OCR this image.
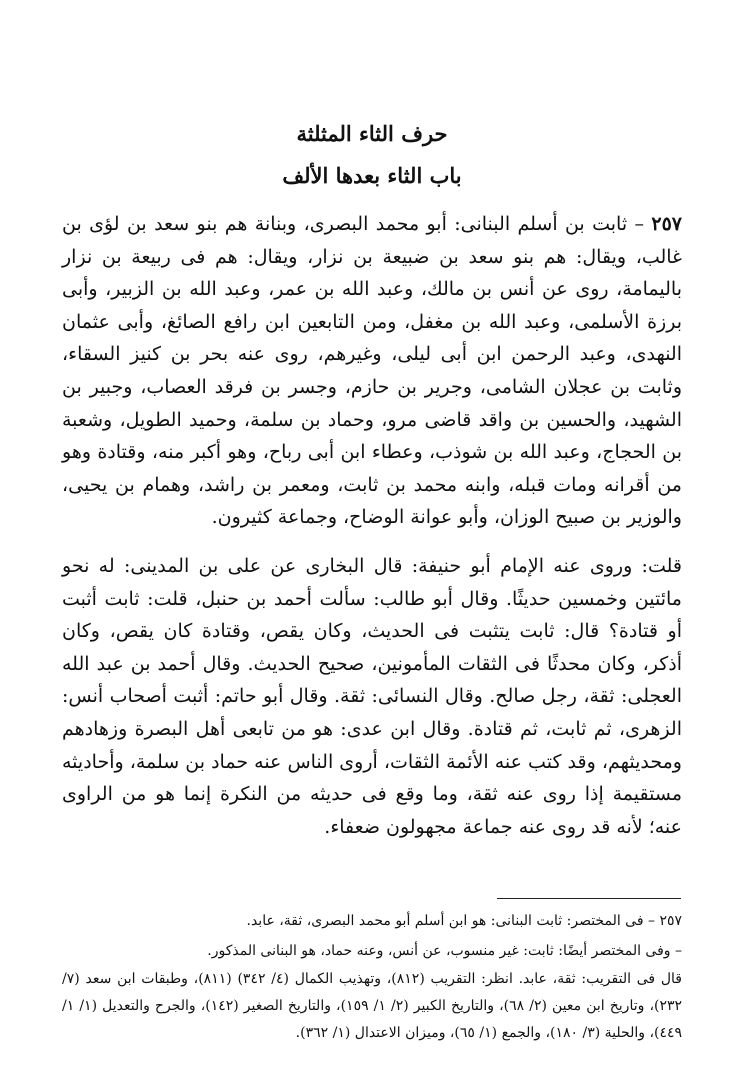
حرف الثاء المثلثة

باب الثاء بعدها الألف

٢٥٧ – ثابت بن أسلم البنانى: أبو محمد البصرى، وبنانة هم بنو سعد بن لؤى بن غالب، ويقال: هم بنو سعد بن ضبيعة بن نزار، ويقال: هم فى ربيعة بن نزار باليمامة، روى عن أنس بن مالك، وعبد الله بن عمر، وعبد الله بن الزبير، وأبى برزة الأسلمى، وعبد الله بن مغفل، ومن التابعين ابن رافع الصائغ، وأبى عثمان النهدى، وعبد الرحمن ابن أبى ليلى، وغيرهم، روى عنه بحر بن كنيز السقاء، وثابت بن عجلان الشامى، وجرير بن حازم، وجسر بن فرقد العصاب، وجبير بن الشهيد، والحسين بن واقد قاضى مرو، وحماد بن سلمة، وحميد الطويل، وشعبة بن الحجاج، وعبد الله بن شوذب، وعطاء ابن أبى رباح، وهو أكبر منه، وقتادة وهو من أقرانه ومات قبله، وابنه محمد بن ثابت، ومعمر بن راشد، وهمام بن يحيى، والوزير بن صبيح الوزان، وأبو عوانة الوضاح، وجماعة كثيرون.

قلت: وروى عنه الإمام أبو حنيفة: قال البخارى عن على بن المدينى: له نحو مائتين وخمسين حديثًا. وقال أبو طالب: سألت أحمد بن حنبل، قلت: ثابت أثبت أو قتادة؟ قال: ثابت يتثبت فى الحديث، وكان يقص، وقتادة كان يقص، وكان أذكر، وكان محدثًا فى الثقات المأمونين، صحيح الحديث. وقال أحمد بن عبد الله العجلى: ثقة، رجل صالح. وقال النسائى: ثقة. وقال أبو حاتم: أثبت أصحاب أنس: الزهرى، ثم ثابت، ثم قتادة. وقال ابن عدى: هو من تابعى أهل البصرة وزهادهم ومحديثهم، وقد كتب عنه الأئمة الثقات، أروى الناس عنه حماد بن سلمة، وأحاديثه مستقيمة إذا روى عنه ثقة، وما وقع فى حديثه من النكرة إنما هو من الراوى عنه؛ لأنه قد روى عنه جماعة مجهولون ضعفاء.

٢٥٧ – فى المختصر: ثابت البنانى: هو ابن أسلم أبو محمد البصرى، ثقة، عابد.

– وفى المختصر أيضًا: ثابت: غير منسوب، عن أنس، وعنه حماد، هو البنانى المذكور.

قال فى التقريب: ثقة، عابد. انظر: التقريب (٨١٢)، وتهذيب الكمال (٤/ ٣٤٢) (٨١١)، وطبقات ابن سعد (٧/ ٢٣٢)، وتاريخ ابن معين (٢/ ٦٨)، والتاريخ الكبير (٢/ ١/ ١٥٩)، والتاريخ الصغير (١٤٢)، والجرح والتعديل (١/ ١/ ٤٤٩)، والحلية (٣/ ١٨٠)، والجمع (١/ ٦٥)، وميزان الاعتدال (١/ ٣٦٢).
